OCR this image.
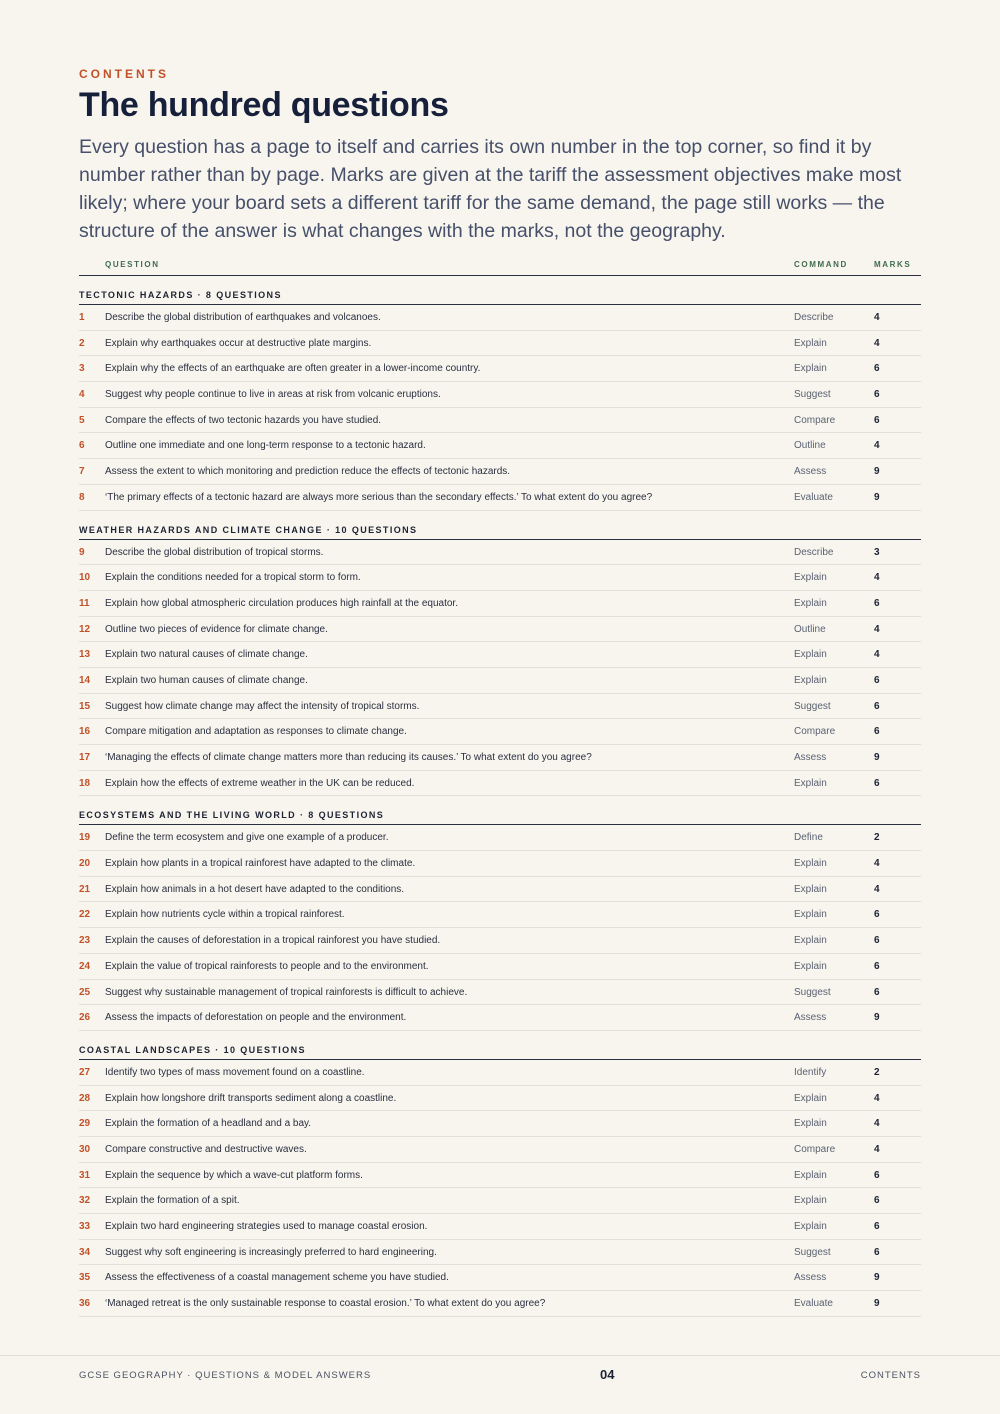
CONTENTS
The hundred questions

Every question has a page to itself and carries its own number in the top corner, so find it by number rather than by page. Marks are given at the tariff the assessment objectives make most likely; where your board sets a different tariff for the same demand, the page still works — the structure of the answer is what changes with the marks, not the geography.

QUESTION	COMMAND	MARKS
TECTONIC HAZARDS · 8 QUESTIONS
1 Describe the global distribution of earthquakes and volcanoes.	Describe	4
2 Explain why earthquakes occur at destructive plate margins.	Explain	4
3 Explain why the effects of an earthquake are often greater in a lower-income country.	Explain	6
4 Suggest why people continue to live in areas at risk from volcanic eruptions.	Suggest	6
5 Compare the effects of two tectonic hazards you have studied.	Compare	6
6 Outline one immediate and one long-term response to a tectonic hazard.	Outline	4
7 Assess the extent to which monitoring and prediction reduce the effects of tectonic hazards.	Assess	9
8 ‘The primary effects of a tectonic hazard are always more serious than the secondary effects.’ To what extent do you agree?	Evaluate	9
WEATHER HAZARDS AND CLIMATE CHANGE · 10 QUESTIONS
9 Describe the global distribution of tropical storms.	Describe	3
10 Explain the conditions needed for a tropical storm to form.	Explain	4
11 Explain how global atmospheric circulation produces high rainfall at the equator.	Explain	6
12 Outline two pieces of evidence for climate change.	Outline	4
13 Explain two natural causes of climate change.	Explain	4
14 Explain two human causes of climate change.	Explain	6
15 Suggest how climate change may affect the intensity of tropical storms.	Suggest	6
16 Compare mitigation and adaptation as responses to climate change.	Compare	6
17 ‘Managing the effects of climate change matters more than reducing its causes.’ To what extent do you agree?	Assess	9
18 Explain how the effects of extreme weather in the UK can be reduced.	Explain	6
ECOSYSTEMS AND THE LIVING WORLD · 8 QUESTIONS
19 Define the term ecosystem and give one example of a producer.	Define	2
20 Explain how plants in a tropical rainforest have adapted to the climate.	Explain	4
21 Explain how animals in a hot desert have adapted to the conditions.	Explain	4
22 Explain how nutrients cycle within a tropical rainforest.	Explain	6
23 Explain the causes of deforestation in a tropical rainforest you have studied.	Explain	6
24 Explain the value of tropical rainforests to people and to the environment.	Explain	6
25 Suggest why sustainable management of tropical rainforests is difficult to achieve.	Suggest	6
26 Assess the impacts of deforestation on people and the environment.	Assess	9
COASTAL LANDSCAPES · 10 QUESTIONS
27 Identify two types of mass movement found on a coastline.	Identify	2
28 Explain how longshore drift transports sediment along a coastline.	Explain	4
29 Explain the formation of a headland and a bay.	Explain	4
30 Compare constructive and destructive waves.	Compare	4
31 Explain the sequence by which a wave-cut platform forms.	Explain	6
32 Explain the formation of a spit.	Explain	6
33 Explain two hard engineering strategies used to manage coastal erosion.	Explain	6
34 Suggest why soft engineering is increasingly preferred to hard engineering.	Suggest	6
35 Assess the effectiveness of a coastal management scheme you have studied.	Assess	9
36 ‘Managed retreat is the only sustainable response to coastal erosion.’ To what extent do you agree?	Evaluate	9
GCSE GEOGRAPHY · QUESTIONS & MODEL ANSWERS	04	CONTENTS
